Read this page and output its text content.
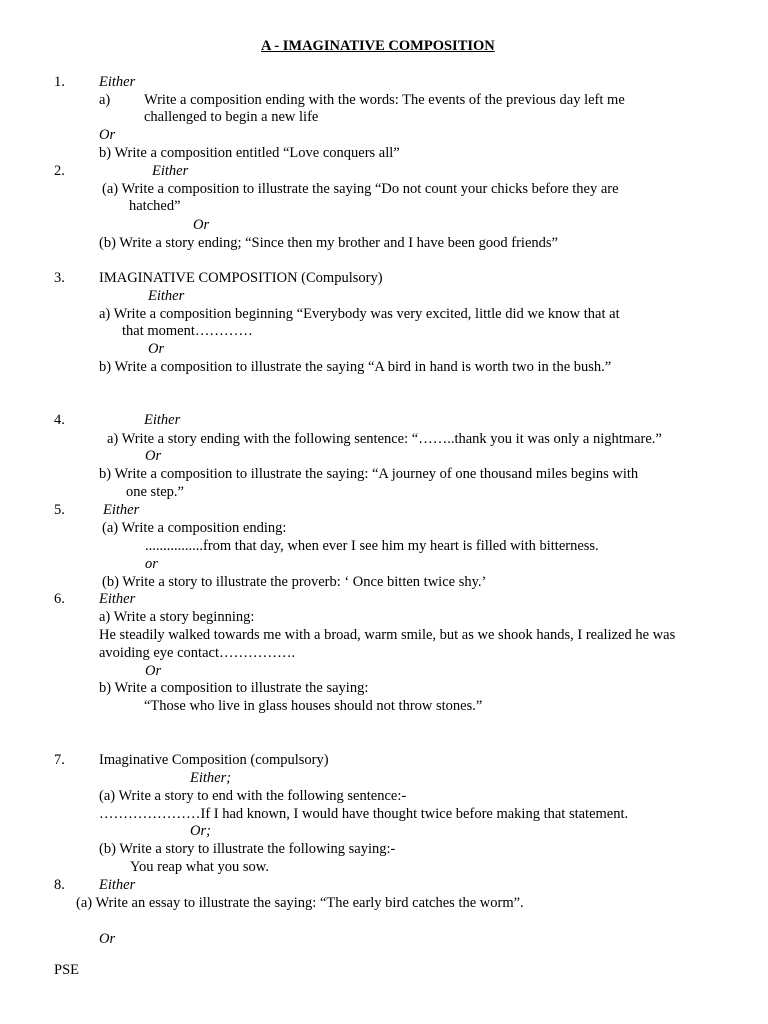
A - IMAGINATIVE COMPOSITION
1. Either
a) Write a composition ending with the words: The events of the previous day left me
challenged to begin a new life
Or
b) Write a composition entitled “Love conquers all”
2.	Either
(a) Write a composition to illustrate the saying “Do not count your chicks before they are
hatched”
Or
(b) Write a story ending; “Since then my brother and I have been good friends”
3. IMAGINATIVE COMPOSITION (Compulsory)
Either
a) Write a composition beginning “Everybody was very excited, little did we know that at
that moment…………
Or
b) Write a composition to illustrate the saying “A bird in hand is worth two in the bush.”
4.	Either
a) Write a story ending with the following sentence: “……..thank you it was only a nightmare.”
Or
b) Write a composition to illustrate the saying: “A journey of one thousand miles begins with
one step.”
5.	Either
(a) Write a composition ending:
................from that day, when ever I see him my heart is filled with bitterness.
or
(b) Write a story to illustrate the proverb: ‘ Once bitten twice shy.’
6. Either
a) Write a story beginning:
He steadily walked towards me with a broad, warm smile, but as we shook hands, I realized he was
avoiding eye contact…………….
Or
b) Write a composition to illustrate the saying:
“Those who live in glass houses should not throw stones.”
7. Imaginative Composition (compulsory)
Either;
(a) Write a story to end with the following sentence:-
…………………If I had known, I would have thought twice before making that statement.
Or;
(b) Write a story to illustrate the following saying:-
You reap what you sow.
8. Either
(a) Write an essay to illustrate the saying: “The early bird catches the worm”.
Or
PSE
